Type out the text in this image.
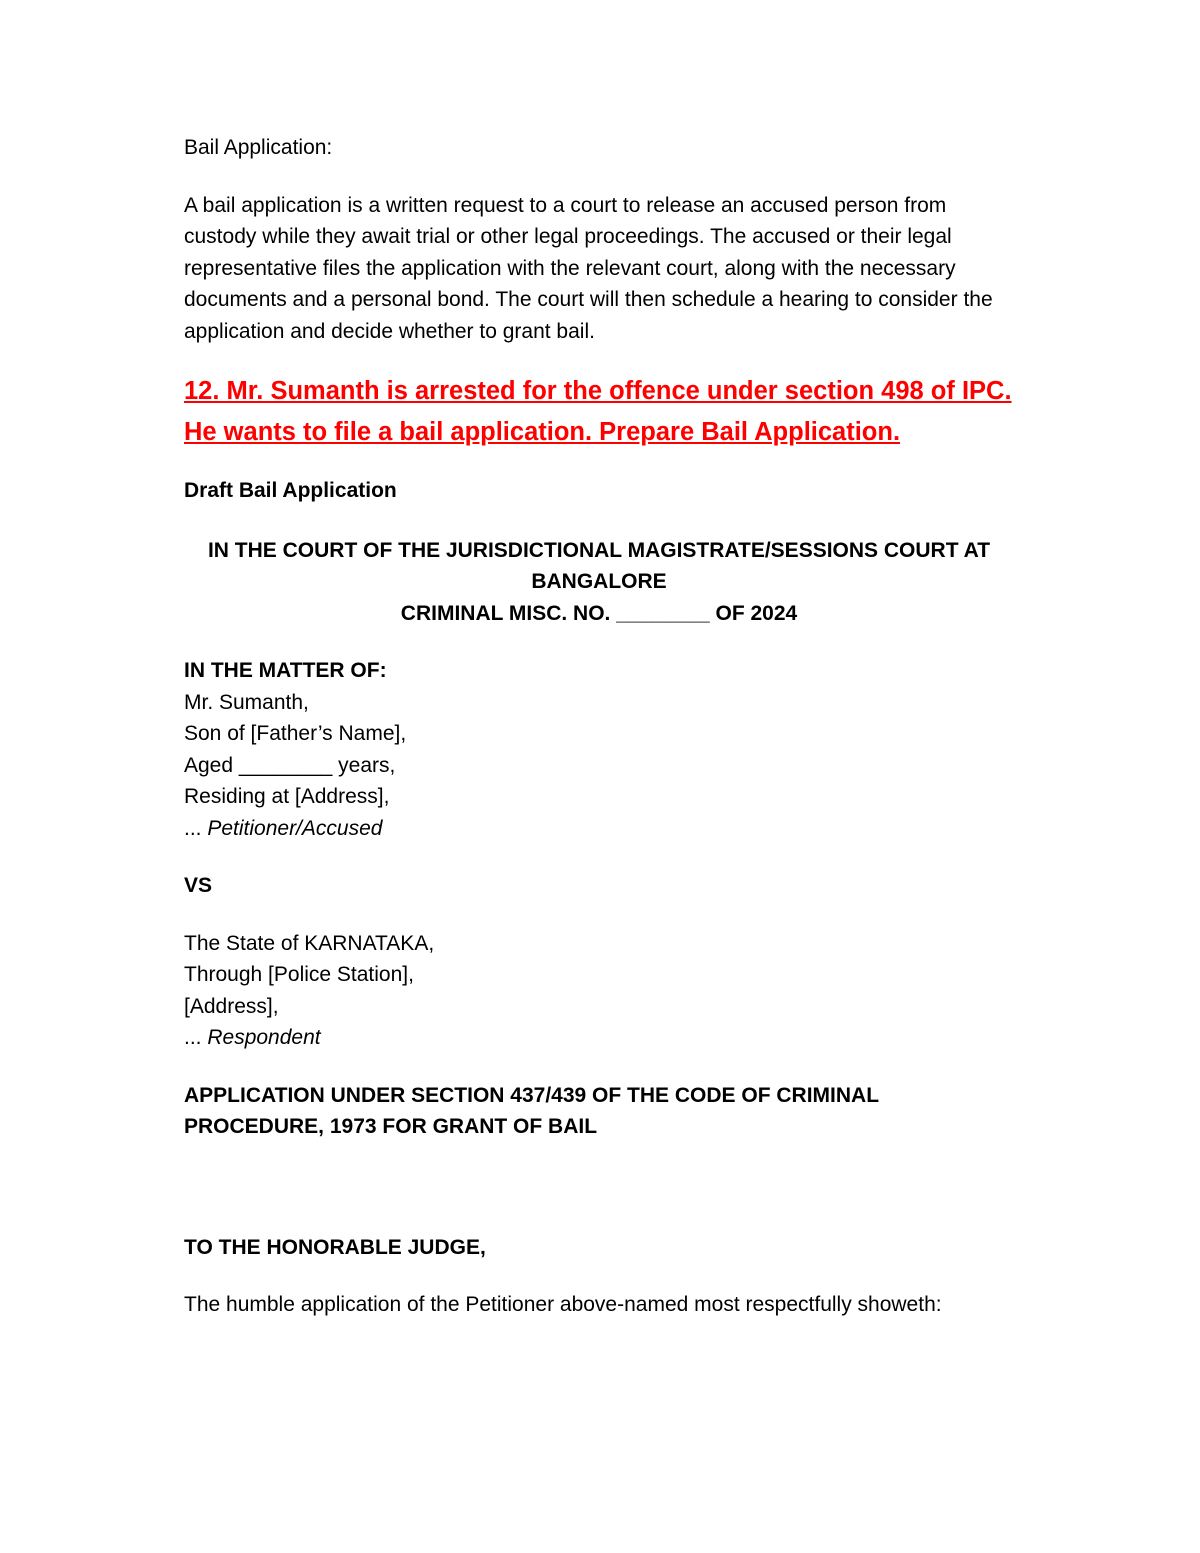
Bail Application:

A bail application is a written request to a court to release an accused person from custody while they await trial or other legal proceedings. The accused or their legal representative files the application with the relevant court, along with the necessary documents and a personal bond. The court will then schedule a hearing to consider the application and decide whether to grant bail.

12. Mr. Sumanth is arrested for the offence under section 498 of IPC. He wants to file a bail application. Prepare Bail Application.

Draft Bail Application

IN THE COURT OF THE JURISDICTIONAL MAGISTRATE/SESSIONS COURT AT BANGALORE
CRIMINAL MISC. NO. ________ OF 2024
IN THE MATTER OF:
Mr. Sumanth,
Son of [Father’s Name],
Aged ________ years,
Residing at [Address],
... Petitioner/Accused

VS

The State of KARNATAKA,
Through [Police Station],
[Address],
... Respondent

APPLICATION UNDER SECTION 437/439 OF THE CODE OF CRIMINAL PROCEDURE, 1973 FOR GRANT OF BAIL

TO THE HONORABLE JUDGE,

The humble application of the Petitioner above-named most respectfully showeth:
